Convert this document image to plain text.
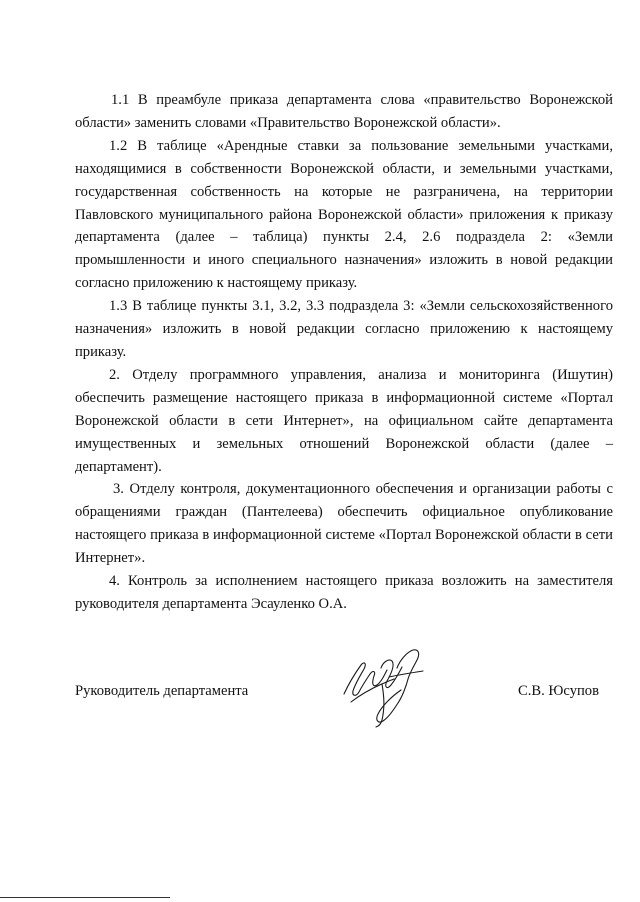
1.1 В преамбуле приказа департамента слова «правительство Воронежской области» заменить словами «Правительство Воронежской области».

1.2 В таблице «Арендные ставки за пользование земельными участками, находящимися в собственности Воронежской области, и земельными участками, государственная собственность на которые не разграничена, на территории Павловского муниципального района Воронежской области» приложения к приказу департамента (далее – таблица) пункты 2.4, 2.6 подраздела 2: «Земли промышленности и иного специального назначения» изложить в новой редакции согласно приложению к настоящему приказу.

1.3 В таблице пункты 3.1, 3.2, 3.3 подраздела 3: «Земли сельскохозяйственного назначения» изложить в новой редакции согласно приложению к настоящему приказу.

2. Отделу программного управления, анализа и мониторинга (Ишутин) обеспечить размещение настоящего приказа в информационной системе «Портал Воронежской области в сети Интернет», на официальном сайте департамента имущественных и земельных отношений Воронежской области (далее – департамент).

3. Отделу контроля, документационного обеспечения и организации работы с обращениями граждан (Пантелеева) обеспечить официальное опубликование настоящего приказа в информационной системе «Портал Воронежской области в сети Интернет».

4. Контроль за исполнением настоящего приказа возложить на заместителя руководителя департамента Эсауленко О.А.

Руководитель департамента	С.В. Юсупов
